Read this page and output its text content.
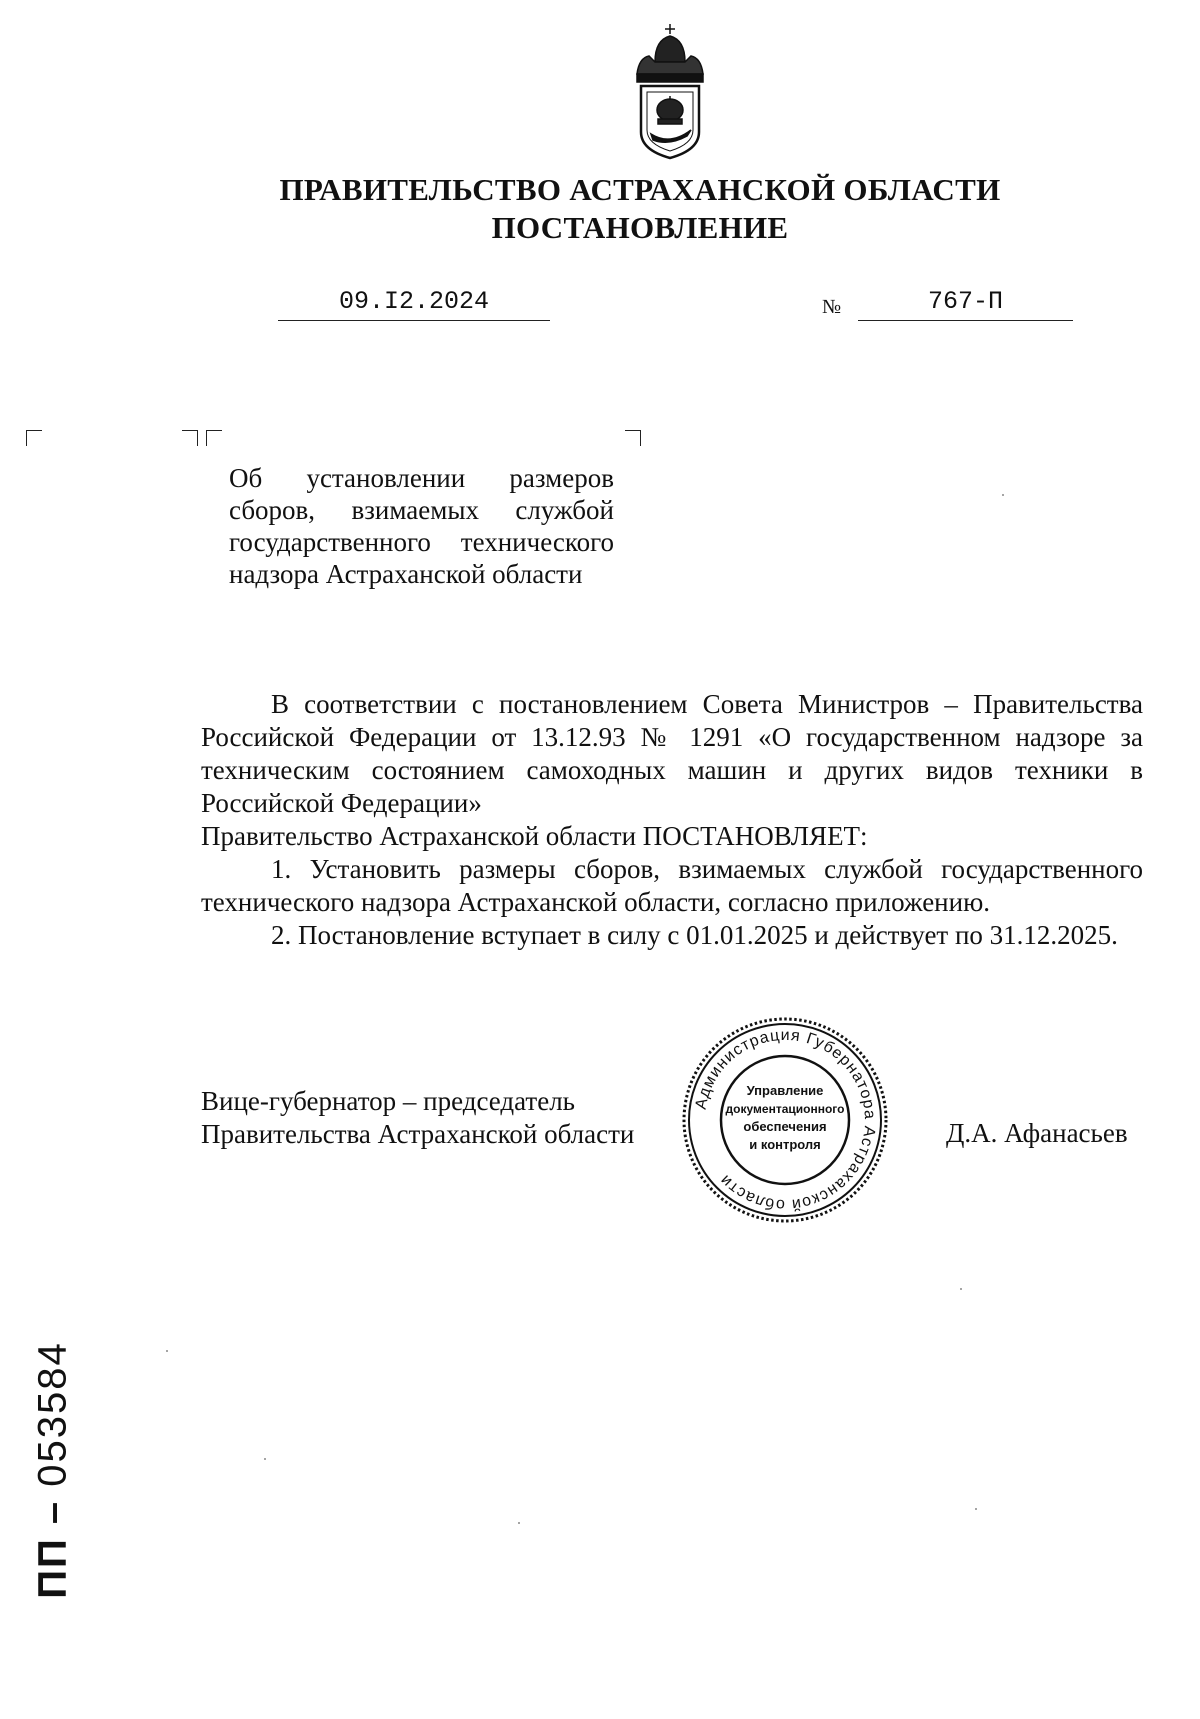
ПРАВИТЕЛЬСТВО АСТРАХАНСКОЙ ОБЛАСТИ
ПОСТАНОВЛЕНИЕ
09.I2.2024	№	767-П
Об установлении размеров
сборов, взимаемых службой
государственного технического
надзора Астраханской области

В соответствии с постановлением Совета Министров – Правительства Российской Федерации от 13.12.93 № 1291 «О государственном надзоре за техническим состоянием самоходных машин и других видов техники в Российской Федерации»

Правительство Астраханской области ПОСТАНОВЛЯЕТ:

1. Установить размеры сборов, взимаемых службой государственного технического надзора Астраханской области, согласно приложению.

2. Постановление вступает в силу с 01.01.2025 и действует по 31.12.2025.

Вице-губернатор – председатель
Правительства Астраханской области	Д.А. Афанасьев
Администрация Губернатора Астраханской области
Управление
документационного
обеспечения
и контроля
ПП – 053584
